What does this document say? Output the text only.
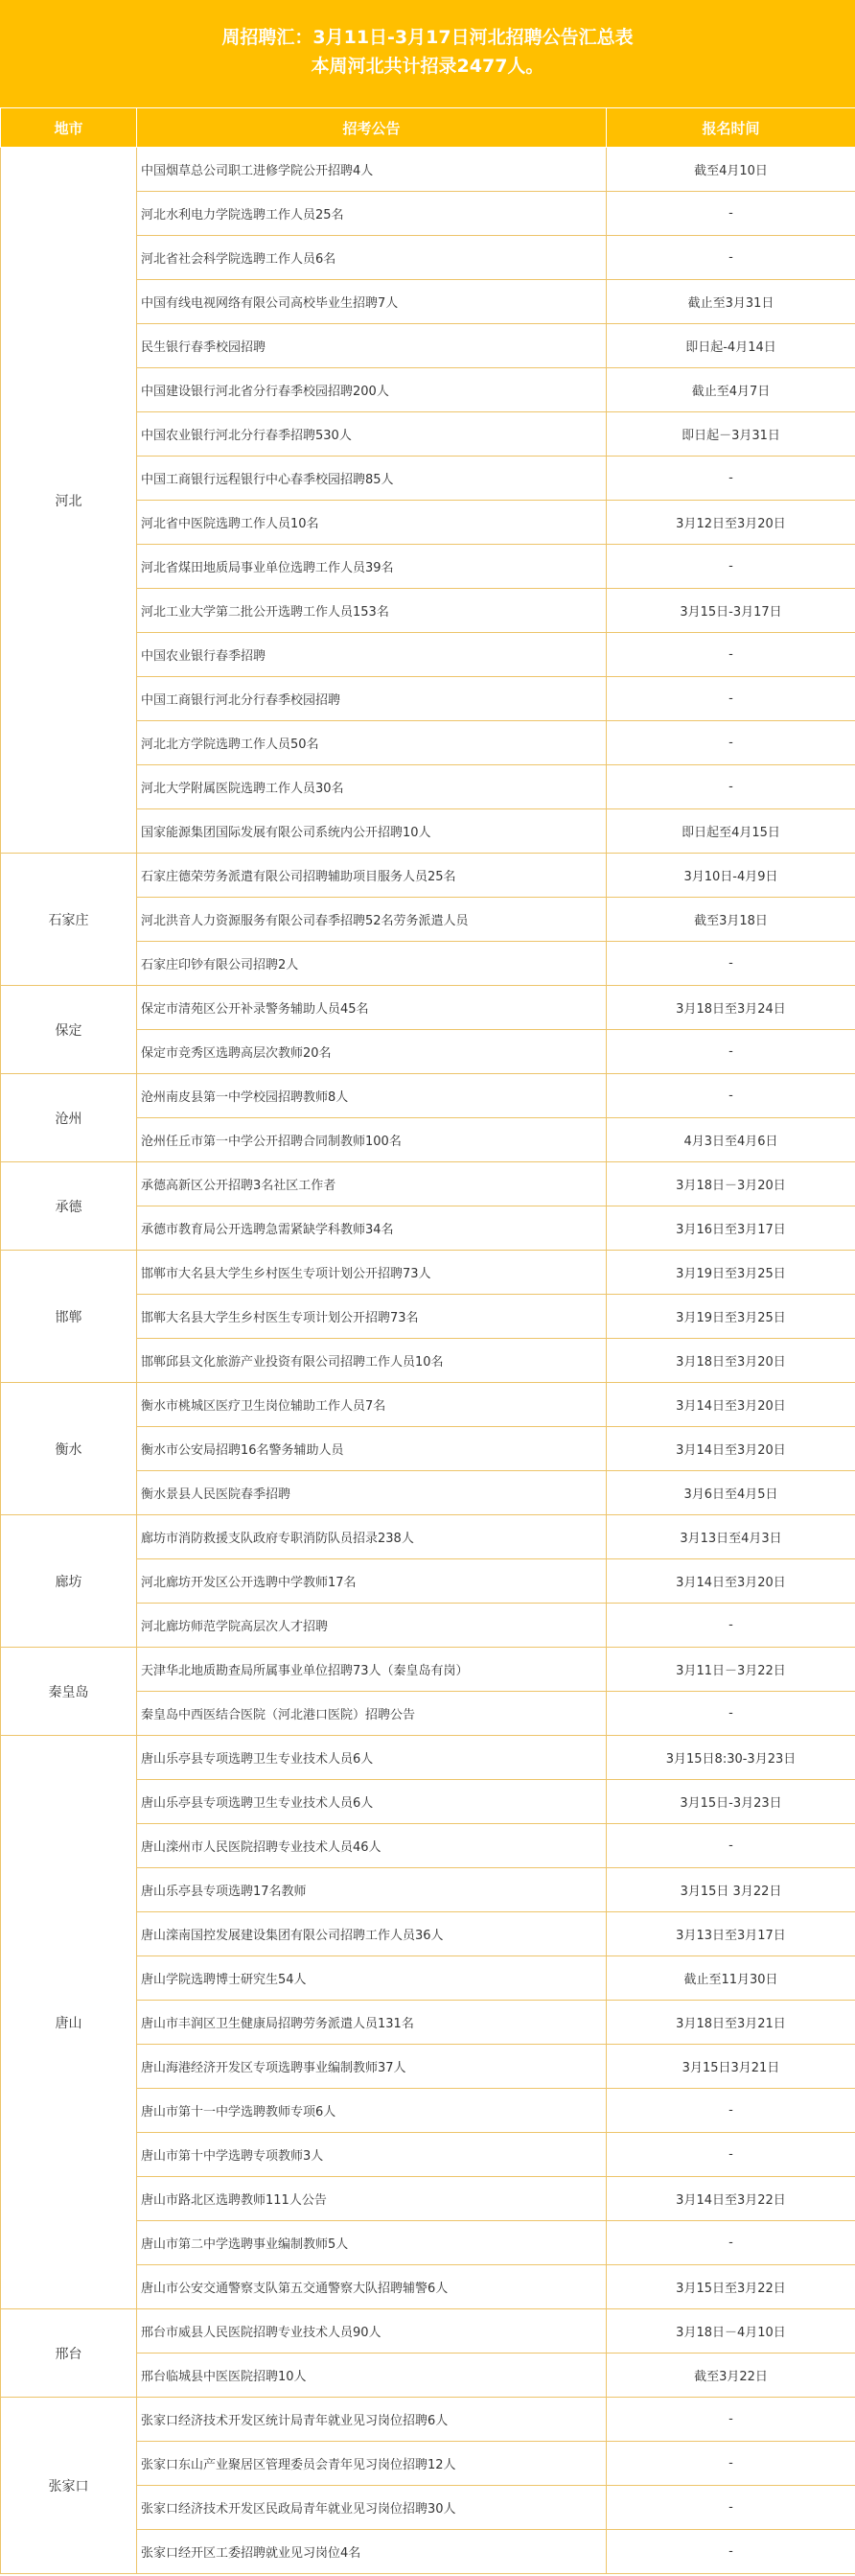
周招聘汇：3月11日-3月17日河北招聘公告汇总表
本周河北共计招录2477人。
地市	招考公告	报名时间
河北	中国烟草总公司职工进修学院公开招聘4人	截至4月10日
	河北水利电力学院选聘工作人员25名	-
	河北省社会科学院选聘工作人员6名	-
	中国有线电视网络有限公司高校毕业生招聘7人	截止至3月31日
	民生银行春季校园招聘	即日起-4月14日
	中国建设银行河北省分行春季校园招聘200人	截止至4月7日
	中国农业银行河北分行春季招聘530人	即日起－3月31日
	中国工商银行远程银行中心春季校园招聘85人	-
	河北省中医院选聘工作人员10名	3月12日至3月20日
	河北省煤田地质局事业单位选聘工作人员39名	-
	河北工业大学第二批公开选聘工作人员153名	3月15日-3月17日
	中国农业银行春季招聘	-
	中国工商银行河北分行春季校园招聘	-
	河北北方学院选聘工作人员50名	-
	河北大学附属医院选聘工作人员30名	-
	国家能源集团国际发展有限公司系统内公开招聘10人	即日起至4月15日
石家庄	石家庄德荣劳务派遣有限公司招聘辅助项目服务人员25名	3月10日-4月9日
	河北洪音人力资源服务有限公司春季招聘52名劳务派遣人员	截至3月18日
	石家庄印钞有限公司招聘2人	-
保定	保定市清苑区公开补录警务辅助人员45名	3月18日至3月24日
	保定市竞秀区选聘高层次教师20名	-
沧州	沧州南皮县第一中学校园招聘教师8人	-
	沧州任丘市第一中学公开招聘合同制教师100名	4月3日至4月6日
承德	承德高新区公开招聘3名社区工作者	3月18日－3月20日
	承德市教育局公开选聘急需紧缺学科教师34名	3月16日至3月17日
邯郸	邯郸市大名县大学生乡村医生专项计划公开招聘73人	3月19日至3月25日
	邯郸大名县大学生乡村医生专项计划公开招聘73名	3月19日至3月25日
	邯郸邱县文化旅游产业投资有限公司招聘工作人员10名	3月18日至3月20日
衡水	衡水市桃城区医疗卫生岗位辅助工作人员7名	3月14日至3月20日
	衡水市公安局招聘16名警务辅助人员	3月14日至3月20日
	衡水景县人民医院春季招聘	3月6日至4月5日
廊坊	廊坊市消防救援支队政府专职消防队员招录238人	3月13日至4月3日
	河北廊坊开发区公开选聘中学教师17名	3月14日至3月20日
	河北廊坊师范学院高层次人才招聘	-
秦皇岛	天津华北地质勘查局所属事业单位招聘73人（秦皇岛有岗）	3月11日－3月22日
	秦皇岛中西医结合医院（河北港口医院）招聘公告	-
唐山	唐山乐亭县专项选聘卫生专业技术人员6人	3月15日8:30-3月23日
	唐山乐亭县专项选聘卫生专业技术人员6人	3月15日-3月23日
	唐山滦州市人民医院招聘专业技术人员46人	-
	唐山乐亭县专项选聘17名教师	3月15日 3月22日
	唐山滦南国控发展建设集团有限公司招聘工作人员36人	3月13日至3月17日
	唐山学院选聘博士研究生54人	截止至11月30日
	唐山市丰润区卫生健康局招聘劳务派遣人员131名	3月18日至3月21日
	唐山海港经济开发区专项选聘事业编制教师37人	3月15日3月21日
	唐山市第十一中学选聘教师专项6人	-
	唐山市第十中学选聘专项教师3人	-
	唐山市路北区选聘教师111人公告	3月14日至3月22日
	唐山市第二中学选聘事业编制教师5人	-
	唐山市公安交通警察支队第五交通警察大队招聘辅警6人	3月15日至3月22日
邢台	邢台市威县人民医院招聘专业技术人员90人	3月18日－4月10日
	邢台临城县中医医院招聘10人	截至3月22日
张家口	张家口经济技术开发区统计局青年就业见习岗位招聘6人	-
	张家口东山产业聚居区管理委员会青年见习岗位招聘12人	-
	张家口经济技术开发区民政局青年就业见习岗位招聘30人	-
	张家口经开区工委招聘就业见习岗位4名	-
